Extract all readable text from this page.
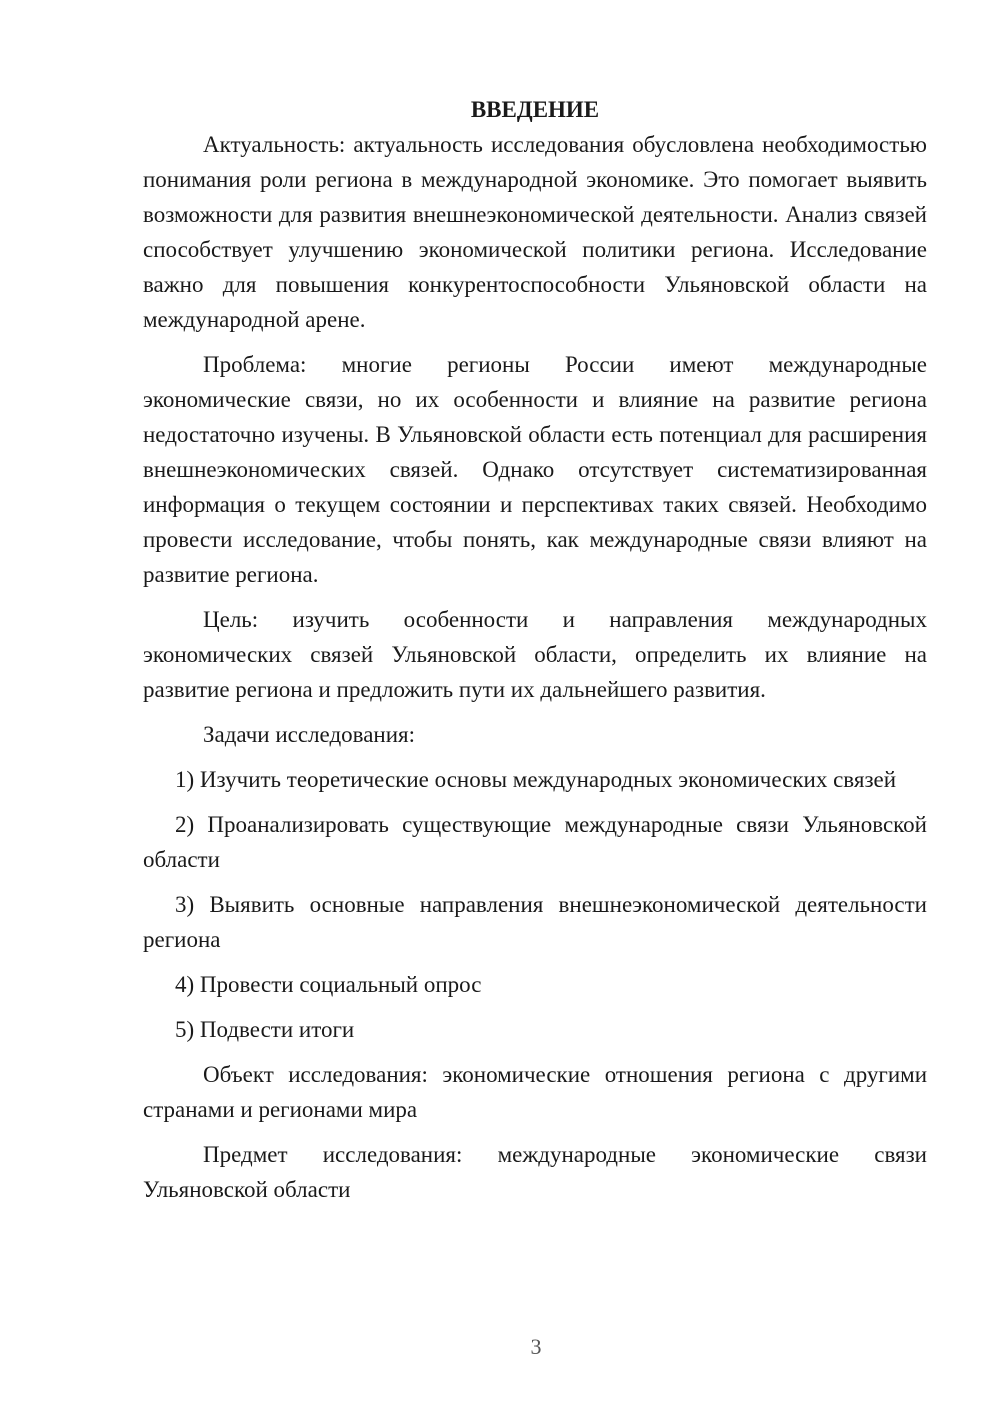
ВВЕДЕНИЕ

Актуальность: актуальность исследования обусловлена необходимостью понимания роли региона в международной экономике. Это помогает выявить возможности для развития внешнеэкономической деятельности. Анализ связей способствует улучшению экономической политики региона. Исследование важно для повышения конкурентоспособности Ульяновской области на международной арене.

Проблема: многие регионы России имеют международные экономические связи, но их особенности и влияние на развитие региона недостаточно изучены. В Ульяновской области есть потенциал для расширения внешнеэкономических связей. Однако отсутствует систематизированная информация о текущем состоянии и перспективах таких связей. Необходимо провести исследование, чтобы понять, как международные связи влияют на развитие региона.

Цель: изучить особенности и направления международных экономических связей Ульяновской области, определить их влияние на развитие региона и предложить пути их дальнейшего развития.

Задачи исследования:

1) Изучить теоретические основы международных экономических связей

2) Проанализировать существующие международные связи Ульяновской области

3) Выявить основные направления внешнеэкономической деятельности региона

4) Провести социальный опрос

5) Подвести итоги

Объект исследования: экономические отношения региона с другими странами и регионами мира

Предмет исследования: международные экономические связи Ульяновской области

3
